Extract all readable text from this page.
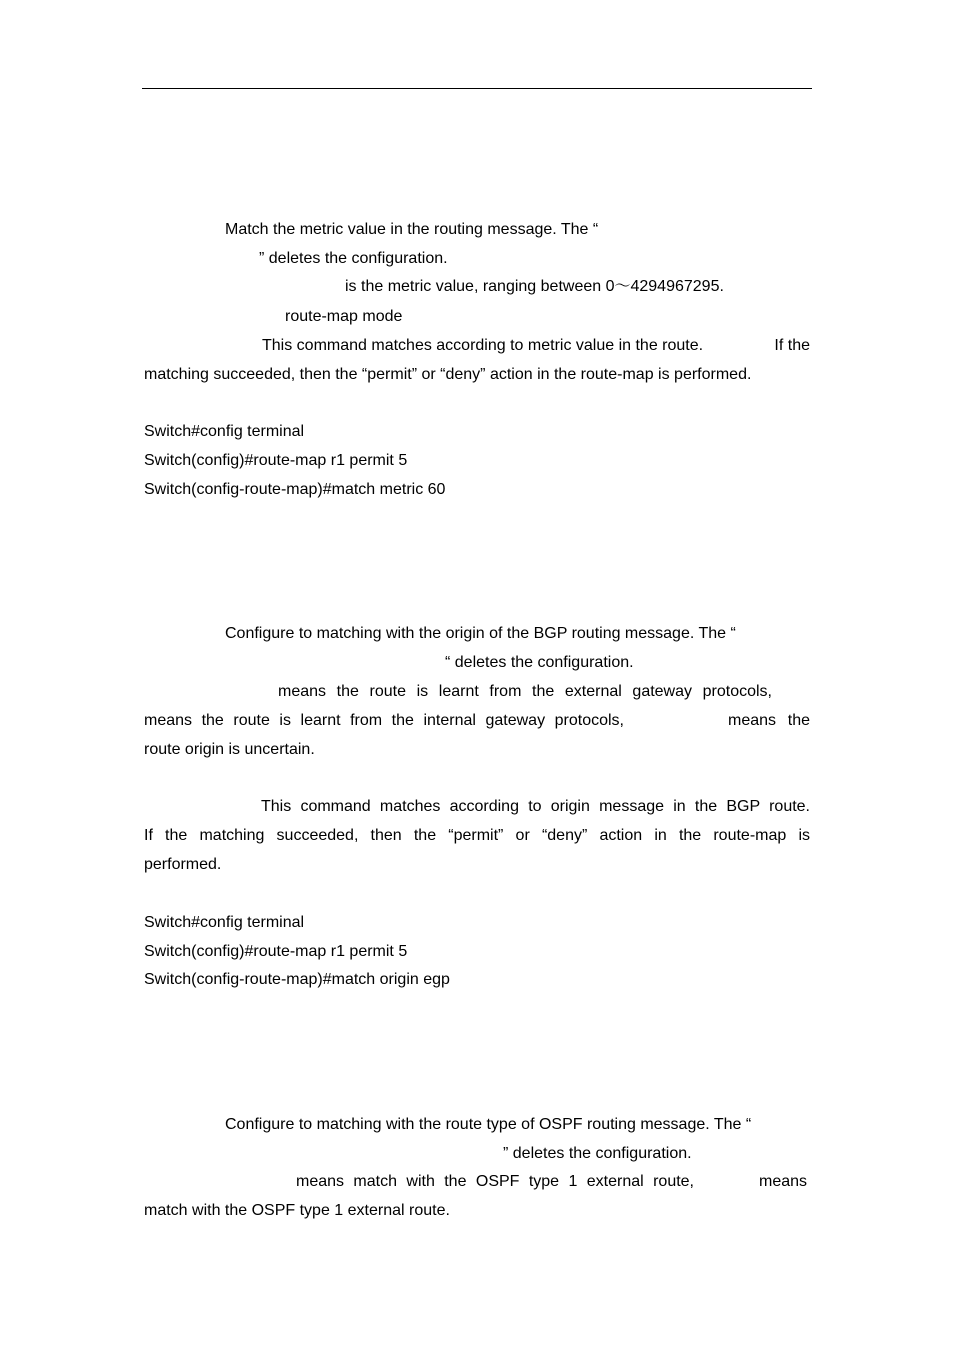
Match the metric value in the routing message. The “
” deletes the configuration.
is the metric value, ranging between 0～4294967295.
route-map mode
This command matches according to metric value in the route.	If the
matching succeeded, then the “permit” or “deny” action in the route-map is performed.
Switch#config terminal
Switch(config)#route-map r1 permit 5
Switch(config-route-map)#match metric 60
Configure to matching with the origin of the BGP routing message. The “
“ deletes the configuration.
means the route is learnt from the external gateway protocols,
means the route is learnt from the internal gateway protocols,	means the
route origin is uncertain.
This command matches according to origin message in the BGP route.
If the matching succeeded, then the “permit” or “deny” action in the route-map is
performed.
Switch#config terminal
Switch(config)#route-map r1 permit 5
Switch(config-route-map)#match origin egp
Configure to matching with the route type of OSPF routing message. The “
” deletes the configuration.
means match with the OSPF type 1 external route,	means
match with the OSPF type 1 external route.
